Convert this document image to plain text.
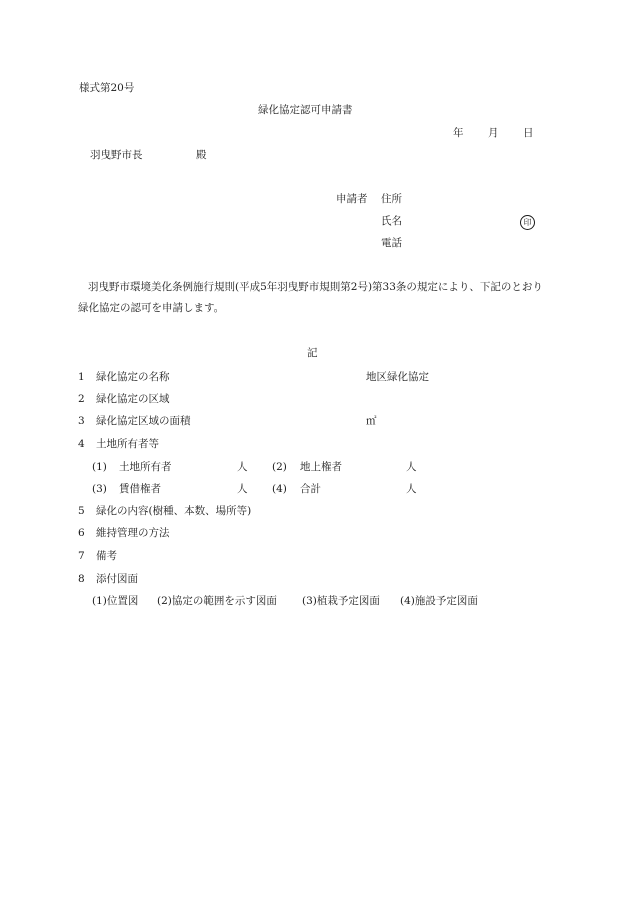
様式第20号
緑化協定認可申請書
年 月 日
羽曳野市長	殿
申請者 住所
氏名	印
電話
羽曳野市環境美化条例施行規則(平成5年羽曳野市規則第2号)第33条の規定により、下記のとおり緑化協定の認可を申請します。
記
1 緑化協定の名称	地区緑化協定
2 緑化協定の区域
3 緑化協定区域の面積	㎡
4 土地所有者等
(1) 土地所有者	人 (2) 地上権者	人
(3) 賃借権者	人 (4) 合計	人
5 緑化の内容(樹種、本数、場所等)
6 維持管理の方法
7 備考
8 添付図面
(1)位置図 (2)協定の範囲を示す図面 (3)植栽予定図面 (4)施設予定図面
